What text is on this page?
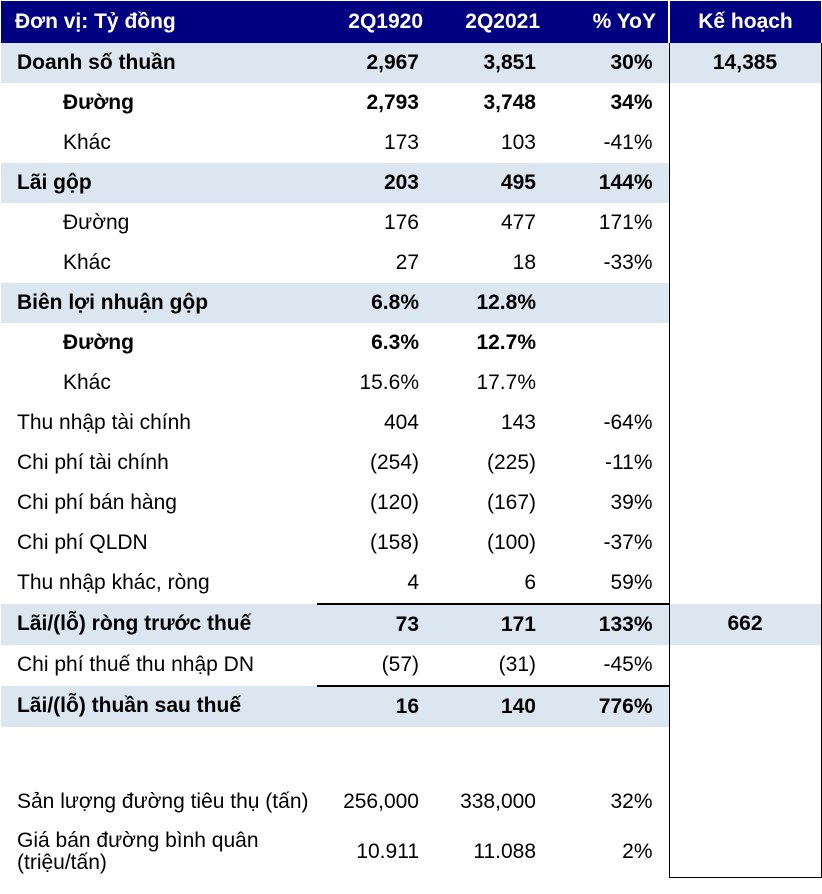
Đơn vị: Tỷ đồng	2Q1920	2Q2021	% YoY	Kế hoạch
Doanh số thuần	2,967	3,851	30%	14,385
Đường	2,793	3,748	34%	
Khác	173	103	-41%	
Lãi gộp	203	495	144%	
Đường	176	477	171%	
Khác	27	18	-33%	
Biên lợi nhuận gộp	6.8%	12.8%		
Đường	6.3%	12.7%		
Khác	15.6%	17.7%		
Thu nhập tài chính	404	143	-64%	
Chi phí tài chính	(254)	(225)	-11%	
Chi phí bán hàng	(120)	(167)	39%	
Chi phí QLDN	(158)	(100)	-37%	
Thu nhập khác, ròng	4	6	59%	
Lãi/(lỗ) ròng trước thuế	73	171	133%	662
Chi phí thuế thu nhập DN	(57)	(31)	-45%	
Lãi/(lỗ) thuần sau thuế	16	140	776%	

Sản lượng đường tiêu thụ (tấn)	256,000	338,000	32%	
Giá bán đường bình quân (triệu/tấn)	10.911	11.088	2%	
